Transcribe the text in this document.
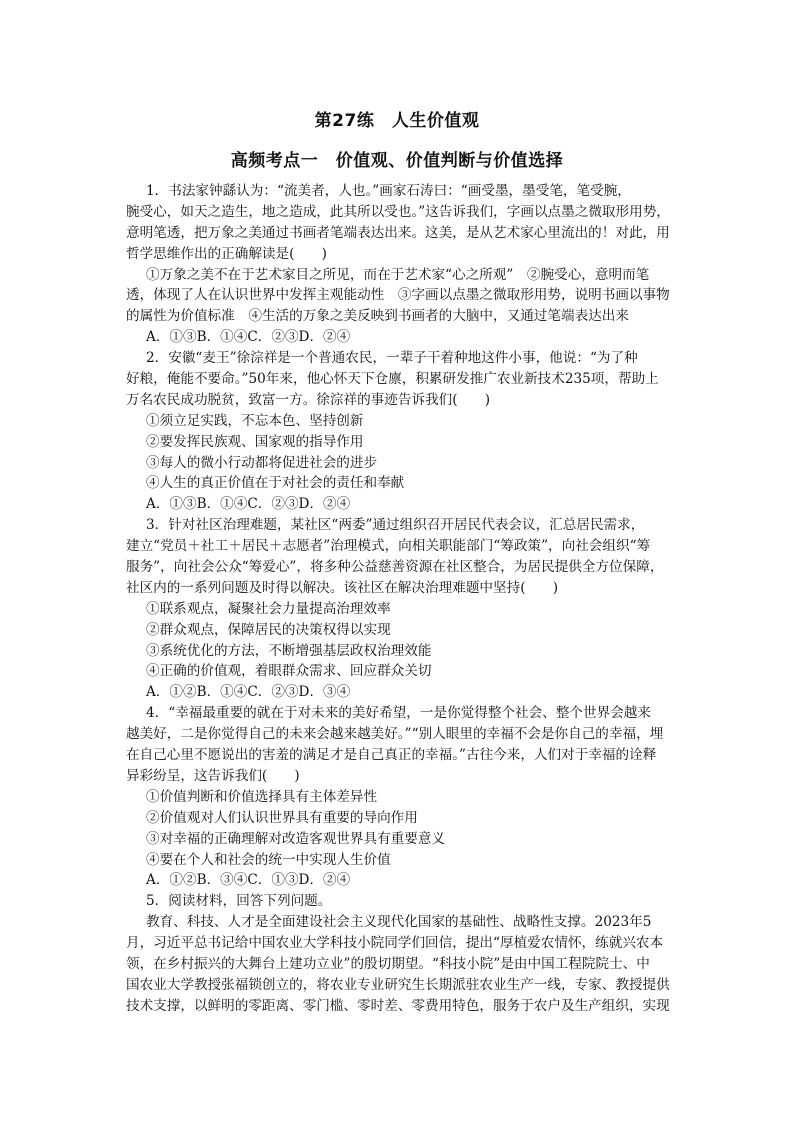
第27练　人生价值观
高频考点一　价值观、价值判断与价值选择
1．书法家钟繇认为：“流美者，人也。”画家石涛曰：“画受墨，墨受笔，笔受腕，
腕受心，如天之造生，地之造成，此其所以受也。”这告诉我们，字画以点墨之微取形用势，
意明笔透，把万象之美通过书画者笔端表达出来。这美，是从艺术家心里流出的！对此，用
哲学思维作出的正确解读是(　　)
①万象之美不在于艺术家目之所见，而在于艺术家“心之所观”　②腕受心，意明而笔
透，体现了人在认识世界中发挥主观能动性　③字画以点墨之微取形用势，说明书画以事物
的属性为价值标准　④生活的万象之美反映到书画者的大脑中，又通过笔端表达出来
A．①③B．①④C．②③D．②④
2．安徽“麦王”徐淙祥是一个普通农民，一辈子干着种地这件小事，他说：“为了种
好粮，俺能不要命。”50年来，他心怀天下仓廪，积累研发推广农业新技术235项，帮助上
万名农民成功脱贫，致富一方。徐淙祥的事迹告诉我们(　　)
①须立足实践，不忘本色、坚持创新
②要发挥民族观、国家观的指导作用
③每人的微小行动都将促进社会的进步
④人生的真正价值在于对社会的责任和奉献
A．①③B．①④C．②③D．②④
3．针对社区治理难题，某社区“两委”通过组织召开居民代表会议，汇总居民需求，
建立“党员＋社工＋居民＋志愿者”治理模式，向相关职能部门“筹政策”，向社会组织“筹
服务”，向社会公众“筹爱心”，将多种公益慈善资源在社区整合，为居民提供全方位保障，
社区内的一系列问题及时得以解决。该社区在解决治理难题中坚持(　　)
①联系观点，凝聚社会力量提高治理效率
②群众观点，保障居民的决策权得以实现
③系统优化的方法，不断增强基层政权治理效能
④正确的价值观，着眼群众需求、回应群众关切
A．①②B．①④C．②③D．③④
4．“幸福最重要的就在于对未来的美好希望，一是你觉得整个社会、整个世界会越来
越美好，二是你觉得自己的未来会越来越美好。”“别人眼里的幸福不会是你自己的幸福，埋
在自己心里不愿说出的害羞的满足才是自己真正的幸福。”古往今来，人们对于幸福的诠释
异彩纷呈，这告诉我们(　　)
①价值判断和价值选择具有主体差异性
②价值观对人们认识世界具有重要的导向作用
③对幸福的正确理解对改造客观世界具有重要意义
④要在个人和社会的统一中实现人生价值
A．①②B．③④C．①③D．②④
5．阅读材料，回答下列问题。
教育、科技、人才是全面建设社会主义现代化国家的基础性、战略性支撑。2023年5
月，习近平总书记给中国农业大学科技小院同学们回信，提出“厚植爱农情怀，练就兴农本
领，在乡村振兴的大舞台上建功立业”的殷切期望。“科技小院”是由中国工程院院士、中
国农业大学教授张福锁创立的，将农业专业研究生长期派驻农业生产一线，专家、教授提供
技术支撑，以鲜明的零距离、零门槛、零时差、零费用特色，服务于农户及生产组织，实现
